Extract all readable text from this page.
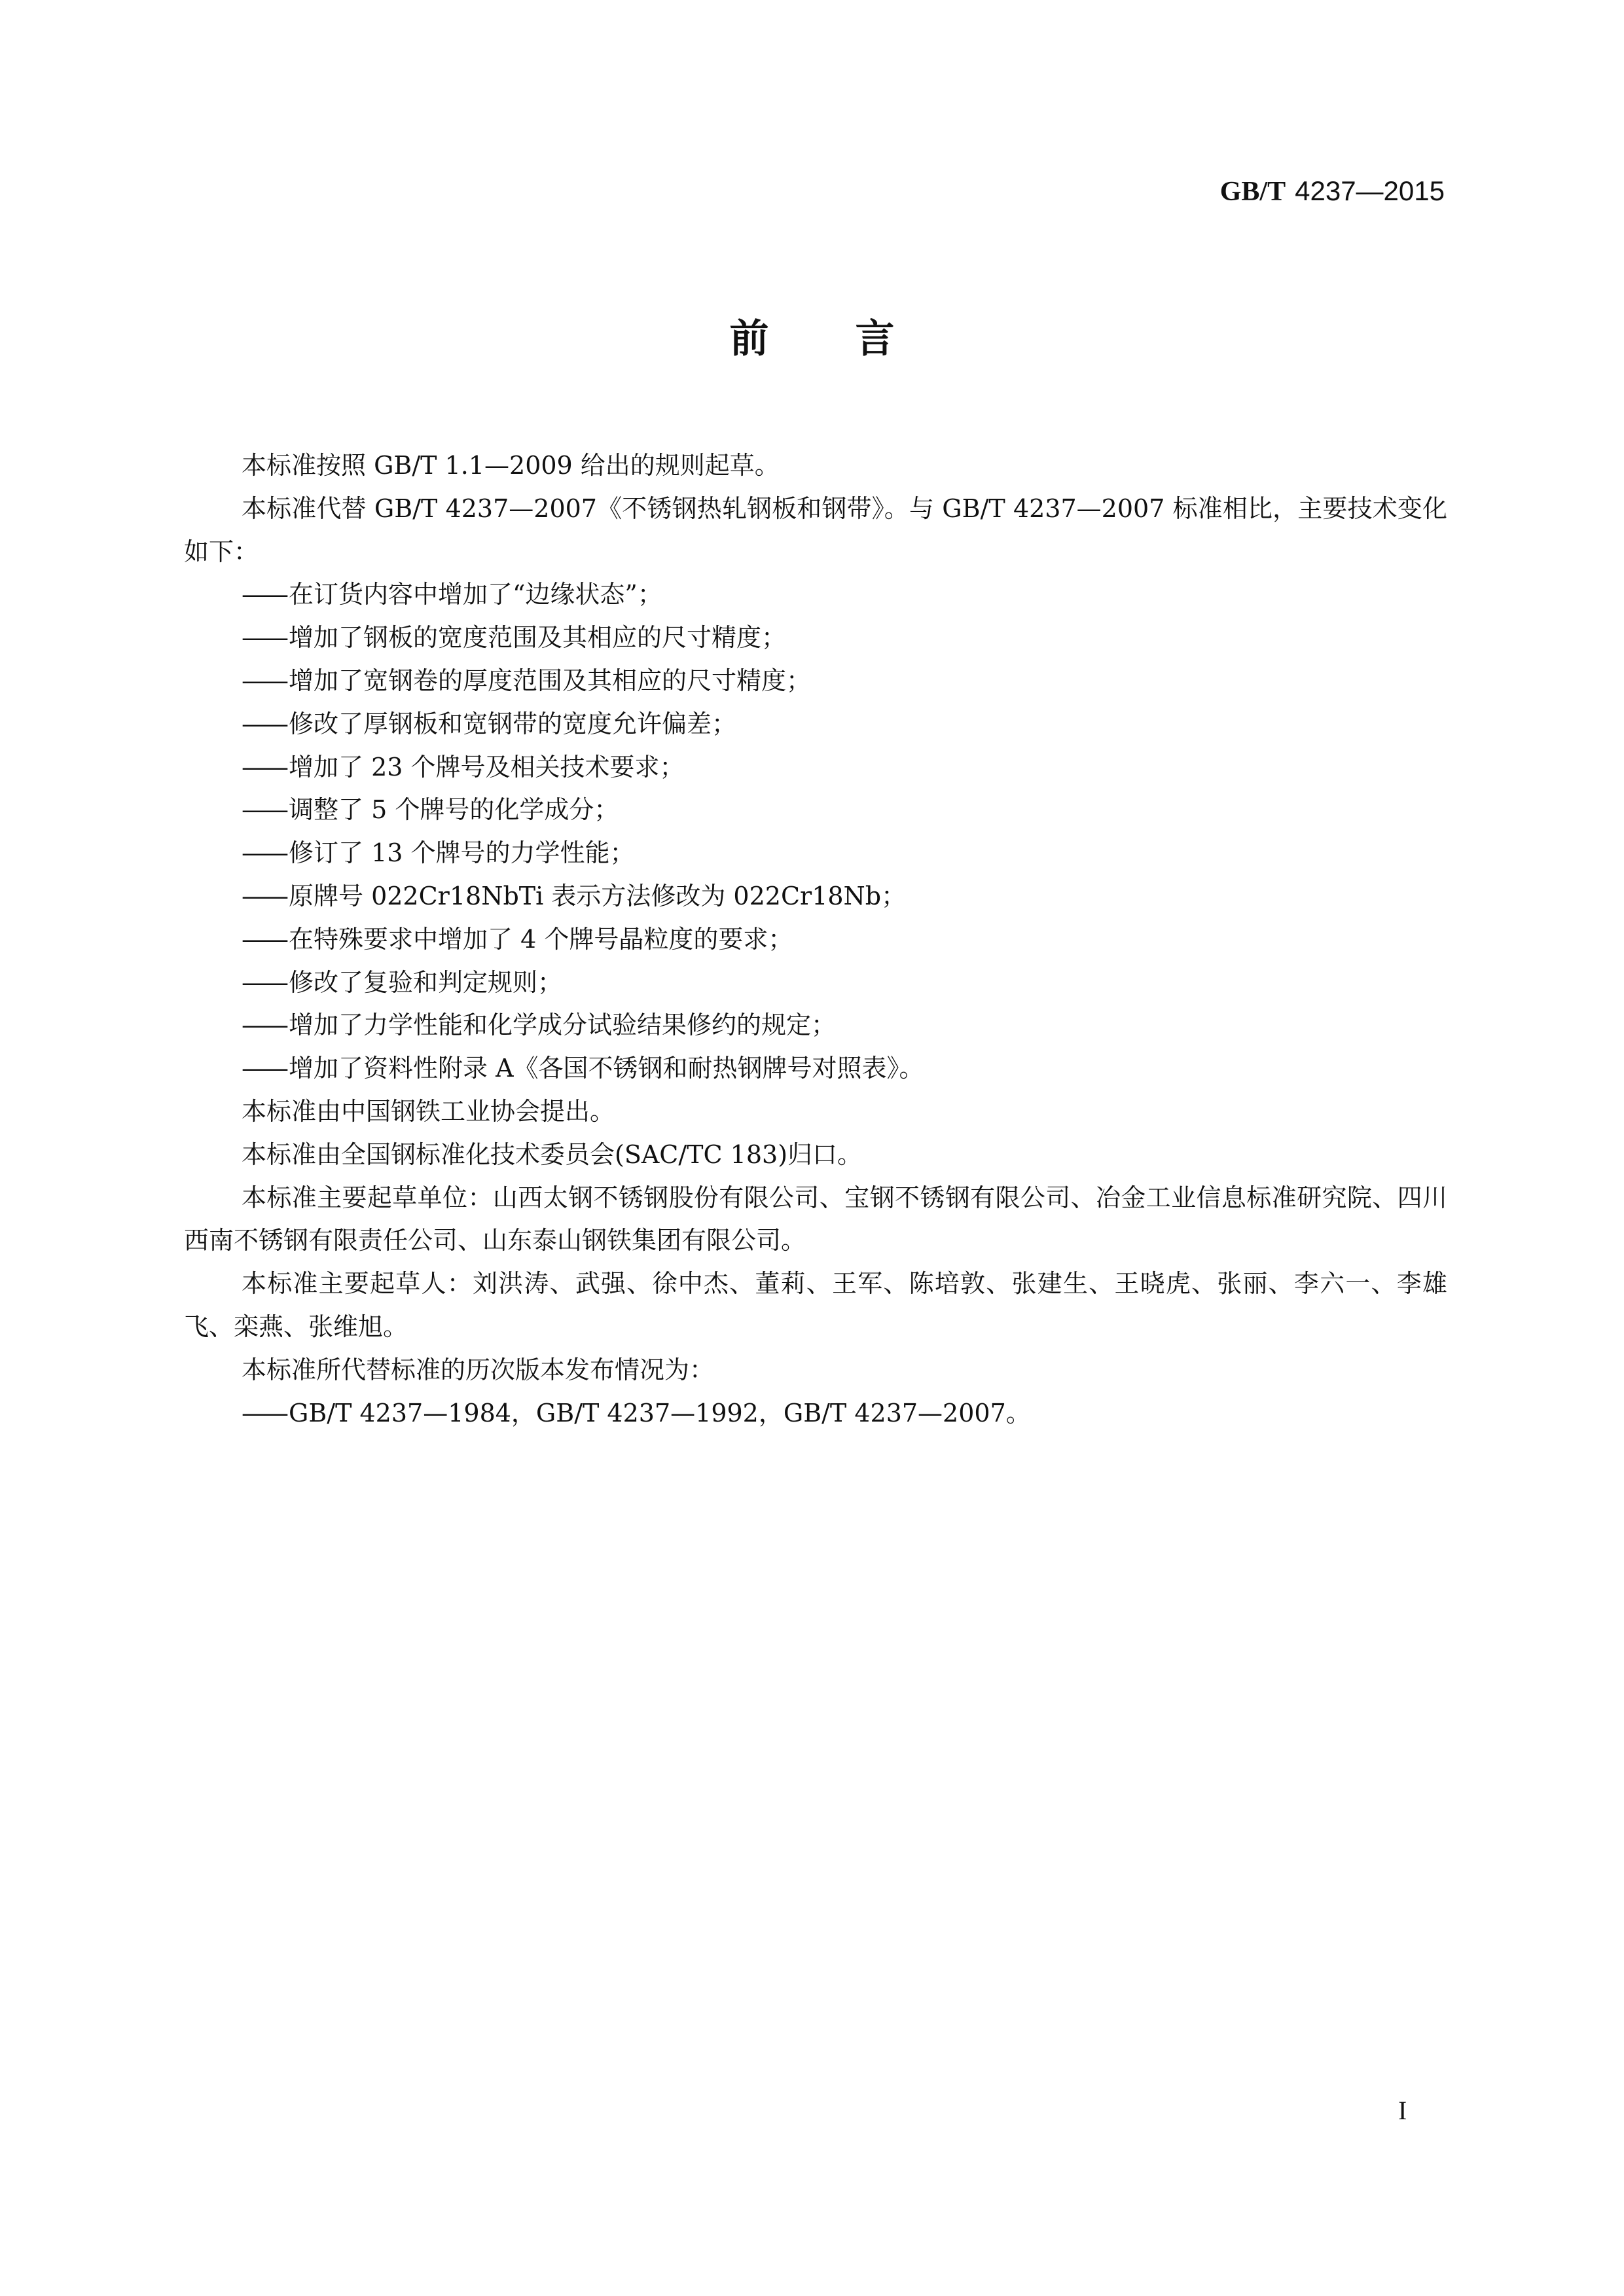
GB/T 4237—2015
前 言

本标准按照 GB/T 1.1—2009 给出的规则起草。

本标准代替 GB/T 4237—2007《不锈钢热轧钢板和钢带》。与 GB/T 4237—2007 标准相比，主要技术变化如下：

—— 在订货内容中增加了“边缘状态”；

—— 增加了钢板的宽度范围及其相应的尺寸精度；

—— 增加了宽钢卷的厚度范围及其相应的尺寸精度；

—— 修改了厚钢板和宽钢带的宽度允许偏差；

—— 增加了 23 个牌号及相关技术要求；

—— 调整了 5 个牌号的化学成分；

—— 修订了 13 个牌号的力学性能；

—— 原牌号 022Cr18NbTi 表示方法修改为 022Cr18Nb；

—— 在特殊要求中增加了 4 个牌号晶粒度的要求；

—— 修改了复验和判定规则；

—— 增加了力学性能和化学成分试验结果修约的规定；

—— 增加了资料性附录 A《各国不锈钢和耐热钢牌号对照表》。

本标准由中国钢铁工业协会提出。

本标准由全国钢标准化技术委员会(SAC/TC 183)归口。

本标准主要起草单位：山西太钢不锈钢股份有限公司、宝钢不锈钢有限公司、冶金工业信息标准研究院、四川西南不锈钢有限责任公司、山东泰山钢铁集团有限公司。

本标准主要起草人：刘洪涛、武强、徐中杰、董莉、王军、陈培敦、张建生、王晓虎、张丽、李六一、李雄飞、栾燕、张维旭。

本标准所代替标准的历次版本发布情况为：

—— GB/T 4237—1984，GB/T 4237—1992，GB/T 4237—2007。

I
